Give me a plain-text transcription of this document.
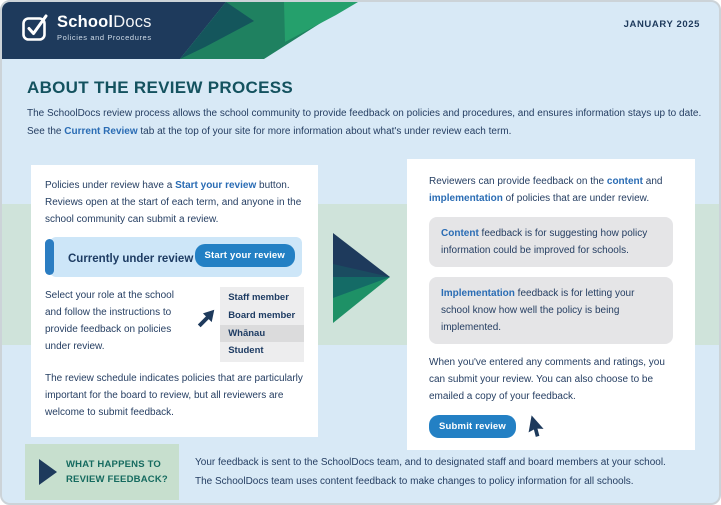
SchoolDocs
Policies and Procedures
JANUARY 2025
ABOUT THE REVIEW PROCESS

The SchoolDocs review process allows the school community to provide feedback on policies and procedures, and ensures information stays up to date. See the Current Review tab at the top of your site for more information about what's under review each term.

Policies under review have a Start your review button. Reviews open at the start of each term, and anyone in the school community can submit a review.

Currently under review	Start your review

Select your role at the school and follow the instructions to provide feedback on policies under review.

Staff member
Board member
Whānau
Student

The review schedule indicates policies that are particularly important for the board to review, but all reviewers are welcome to submit feedback.

Reviewers can provide feedback on the content and implementation of policies that are under review.

Content feedback is for suggesting how policy information could be improved for schools.
Implementation feedback is for letting your school know how well the policy is being implemented.

When you've entered any comments and ratings, you can submit your review. You can also choose to be emailed a copy of your feedback.

Submit review
WHAT HAPPENS TO
REVIEW FEEDBACK?
Your feedback is sent to the SchoolDocs team, and to designated staff and board members at your school.
The SchoolDocs team uses content feedback to make changes to policy information for all schools.
